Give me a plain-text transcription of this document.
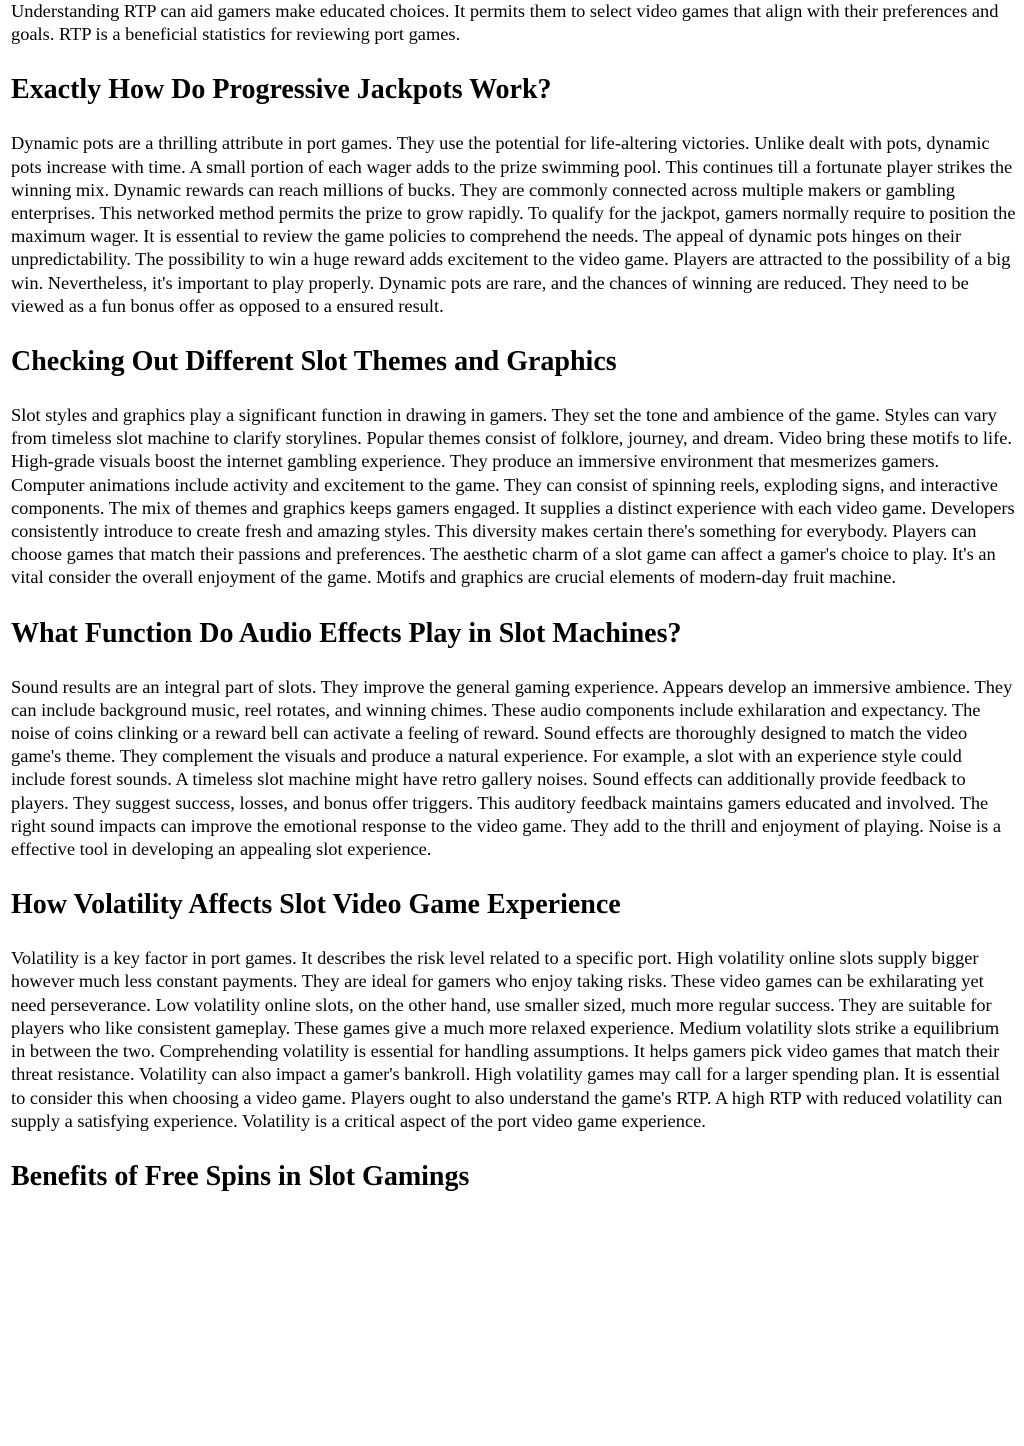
Understanding RTP can aid gamers make educated choices. It permits them to select video games that align with their preferences and goals. RTP is a beneficial statistics for reviewing port games.

Exactly How Do Progressive Jackpots Work?

Dynamic pots are a thrilling attribute in port games. They use the potential for life-altering victories. Unlike dealt with pots, dynamic pots increase with time. A small portion of each wager adds to the prize swimming pool. This continues till a fortunate player strikes the winning mix. Dynamic rewards can reach millions of bucks. They are commonly connected across multiple makers or gambling enterprises. This networked method permits the prize to grow rapidly. To qualify for the jackpot, gamers normally require to position the maximum wager. It is essential to review the game policies to comprehend the needs. The appeal of dynamic pots hinges on their unpredictability. The possibility to win a huge reward adds excitement to the video game. Players are attracted to the possibility of a big win. Nevertheless, it's important to play properly. Dynamic pots are rare, and the chances of winning are reduced. They need to be viewed as a fun bonus offer as opposed to a ensured result.

Checking Out Different Slot Themes and Graphics

Slot styles and graphics play a significant function in drawing in gamers. They set the tone and ambience of the game. Styles can vary from timeless slot machine to clarify storylines. Popular themes consist of folklore, journey, and dream. Video bring these motifs to life. High-grade visuals boost the internet gambling experience. They produce an immersive environment that mesmerizes gamers. Computer animations include activity and excitement to the game. They can consist of spinning reels, exploding signs, and interactive components. The mix of themes and graphics keeps gamers engaged. It supplies a distinct experience with each video game. Developers consistently introduce to create fresh and amazing styles. This diversity makes certain there's something for everybody. Players can choose games that match their passions and preferences. The aesthetic charm of a slot game can affect a gamer's choice to play. It's an vital consider the overall enjoyment of the game. Motifs and graphics are crucial elements of modern-day fruit machine.

What Function Do Audio Effects Play in Slot Machines?

Sound results are an integral part of slots. They improve the general gaming experience. Appears develop an immersive ambience. They can include background music, reel rotates, and winning chimes. These audio components include exhilaration and expectancy. The noise of coins clinking or a reward bell can activate a feeling of reward. Sound effects are thoroughly designed to match the video game's theme. They complement the visuals and produce a natural experience. For example, a slot with an experience style could include forest sounds. A timeless slot machine might have retro gallery noises. Sound effects can additionally provide feedback to players. They suggest success, losses, and bonus offer triggers. This auditory feedback maintains gamers educated and involved. The right sound impacts can improve the emotional response to the video game. They add to the thrill and enjoyment of playing. Noise is a effective tool in developing an appealing slot experience.

How Volatility Affects Slot Video Game Experience

Volatility is a key factor in port games. It describes the risk level related to a specific port. High volatility online slots supply bigger however much less constant payments. They are ideal for gamers who enjoy taking risks. These video games can be exhilarating yet need perseverance. Low volatility online slots, on the other hand, use smaller sized, much more regular success. They are suitable for players who like consistent gameplay. These games give a much more relaxed experience. Medium volatility slots strike a equilibrium in between the two. Comprehending volatility is essential for handling assumptions. It helps gamers pick video games that match their threat resistance. Volatility can also impact a gamer's bankroll. High volatility games may call for a larger spending plan. It is essential to consider this when choosing a video game. Players ought to also understand the game's RTP. A high RTP with reduced volatility can supply a satisfying experience. Volatility is a critical aspect of the port video game experience.

Benefits of Free Spins in Slot Gamings
